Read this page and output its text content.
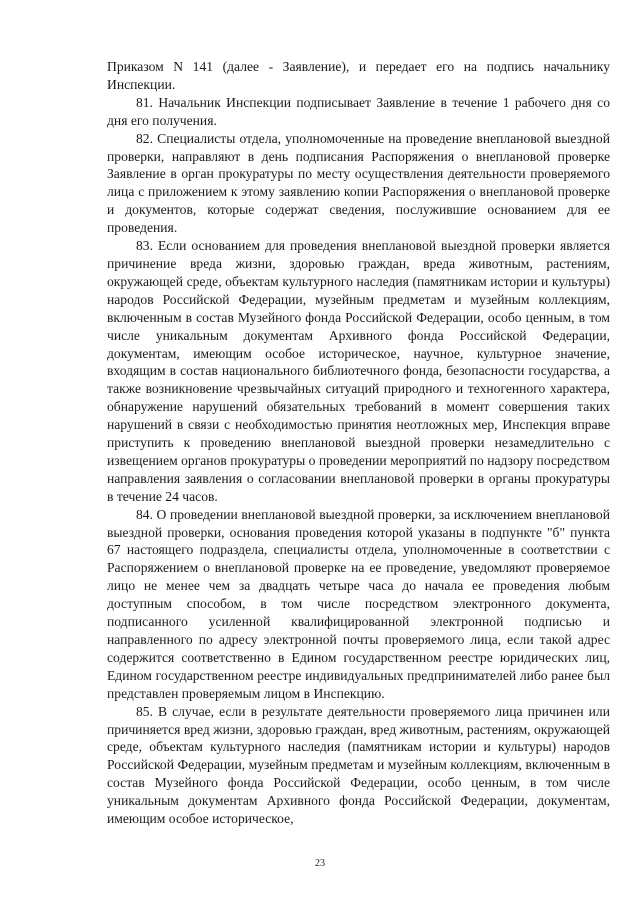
Приказом N 141 (далее - Заявление), и передает его на подпись начальнику Инспекции.

81. Начальник Инспекции подписывает Заявление в течение 1 рабочего дня со дня его получения.

82. Специалисты отдела, уполномоченные на проведение внеплановой выездной проверки, направляют в день подписания Распоряжения о внеплановой проверке Заявление в орган прокуратуры по месту осуществления деятельности проверяемого лица с приложением к этому заявлению копии Распоряжения о внеплановой проверке и документов, которые содержат сведения, послужившие основанием для ее проведения.

83. Если основанием для проведения внеплановой выездной проверки является причинение вреда жизни, здоровью граждан, вреда животным, растениям, окружающей среде, объектам культурного наследия (памятникам истории и культуры) народов Российской Федерации, музейным предметам и музейным коллекциям, включенным в состав Музейного фонда Российской Федерации, особо ценным, в том числе уникальным документам Архивного фонда Российской Федерации, документам, имеющим особое историческое, научное, культурное значение, входящим в состав национального библиотечного фонда, безопасности государства, а также возникновение чрезвычайных ситуаций природного и техногенного характера, обнаружение нарушений обязательных требований в момент совершения таких нарушений в связи с необходимостью принятия неотложных мер, Инспекция вправе приступить к проведению внеплановой выездной проверки незамедлительно с извещением органов прокуратуры о проведении мероприятий по надзору посредством направления заявления о согласовании внеплановой проверки в органы прокуратуры в течение 24 часов.

84. О проведении внеплановой выездной проверки, за исключением внеплановой выездной проверки, основания проведения которой указаны в подпункте "б" пункта 67 настоящего подраздела, специалисты отдела, уполномоченные в соответствии с Распоряжением о внеплановой проверке на ее проведение, уведомляют проверяемое лицо не менее чем за двадцать четыре часа до начала ее проведения любым доступным способом, в том числе посредством электронного документа, подписанного усиленной квалифицированной электронной подписью и направленного по адресу электронной почты проверяемого лица, если такой адрес содержится соответственно в Едином государственном реестре юридических лиц, Едином государственном реестре индивидуальных предпринимателей либо ранее был представлен проверяемым лицом в Инспекцию.

85. В случае, если в результате деятельности проверяемого лица причинен или причиняется вред жизни, здоровью граждан, вред животным, растениям, окружающей среде, объектам культурного наследия (памятникам истории и культуры) народов Российской Федерации, музейным предметам и музейным коллекциям, включенным в состав Музейного фонда Российской Федерации, особо ценным, в том числе уникальным документам Архивного фонда Российской Федерации, документам, имеющим особое историческое,

23
